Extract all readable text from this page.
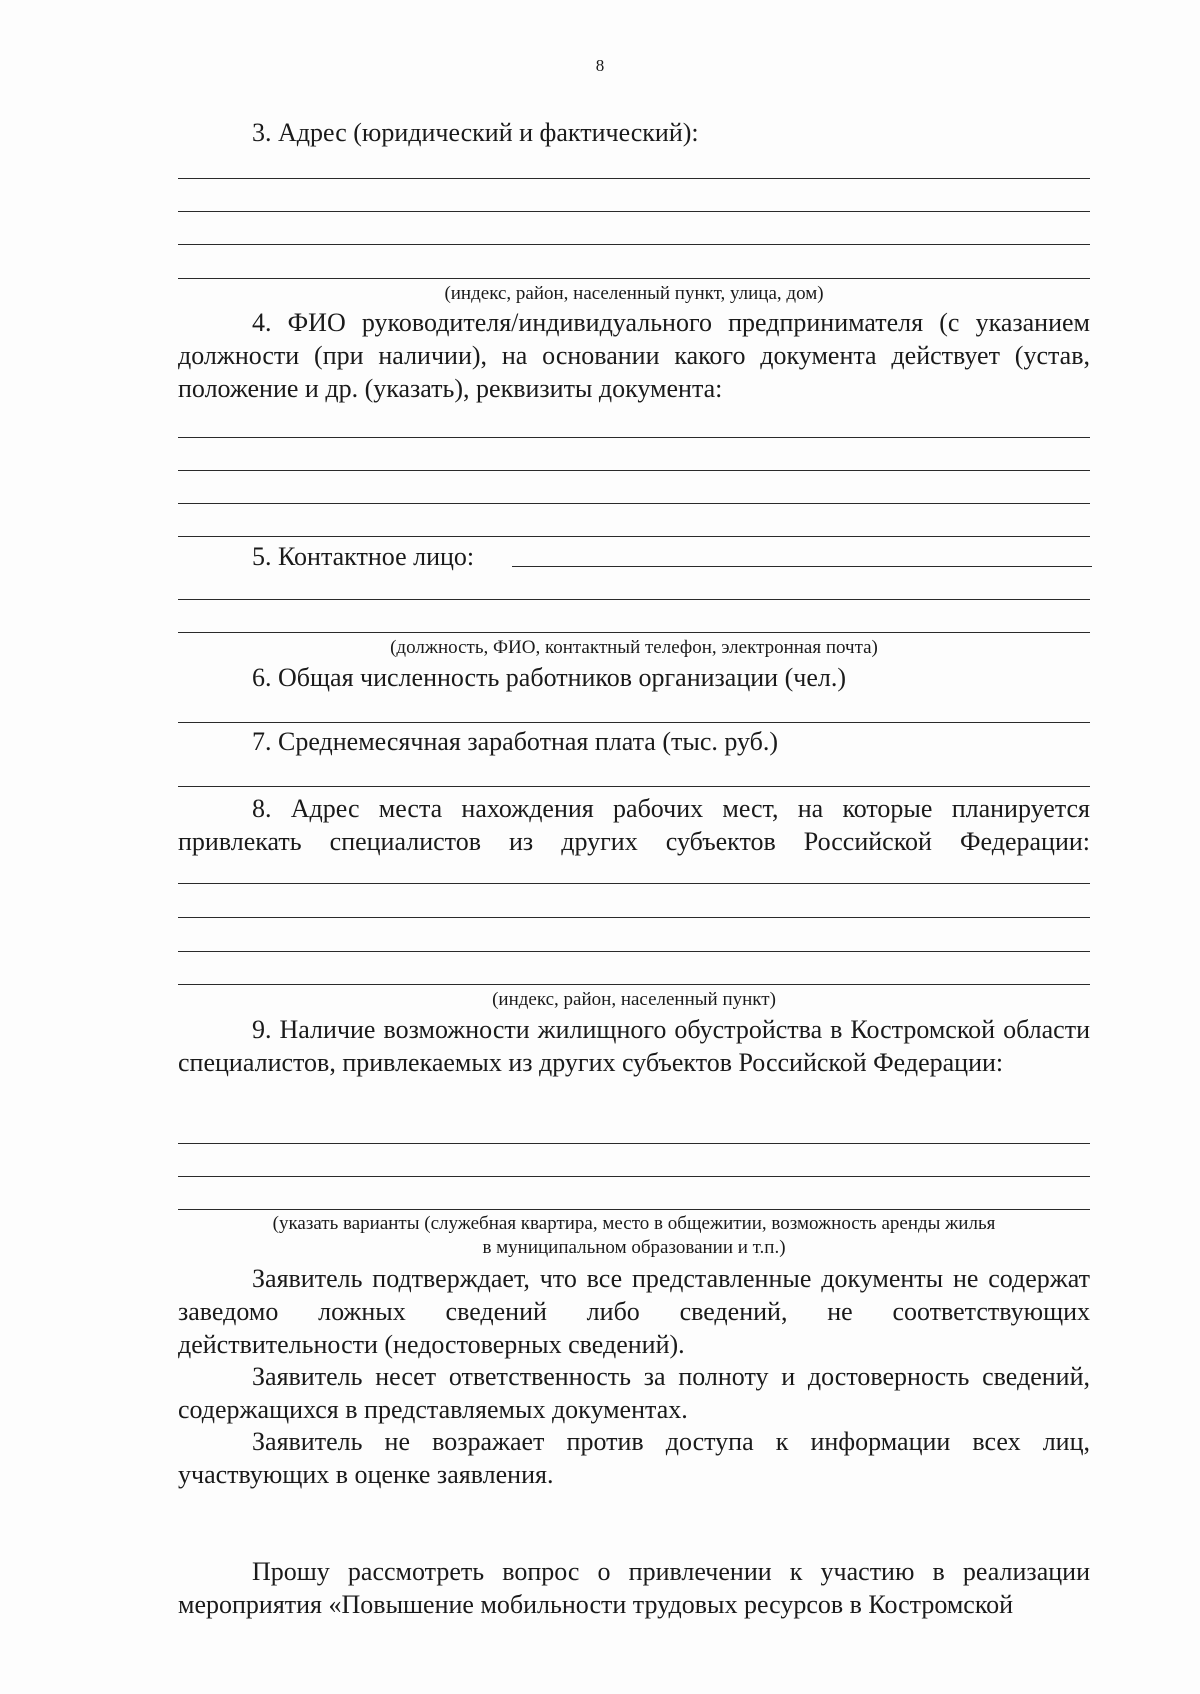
8

3. Адрес (юридический и фактический):

(индекс, район, населенный пункт, улица, дом)

4. ФИО руководителя/индивидуального предпринимателя (с указанием должности (при наличии), на основании какого документа действует (устав, положение и др. (указать), реквизиты документа:

5. Контактное лицо:

(должность, ФИО, контактный телефон, электронная почта)

6. Общая численность работников организации (чел.)

7. Среднемесячная заработная плата (тыс. руб.)

8. Адрес места нахождения рабочих мест, на которые планируется привлекать специалистов из других субъектов Российской Федерации:

(индекс, район, населенный пункт)

9. Наличие возможности жилищного обустройства в Костромской области специалистов, привлекаемых из других субъектов Российской Федерации:

(указать варианты (служебная квартира, место в общежитии, возможность аренды жилья

в муниципальном образовании и т.п.)

Заявитель подтверждает, что все представленные документы не содержат заведомо ложных сведений либо сведений, не соответствующих действительности (недостоверных сведений).

Заявитель несет ответственность за полноту и достоверность сведений, содержащихся в представляемых документах.

Заявитель не возражает против доступа к информации всех лиц, участвующих в оценке заявления.

Прошу рассмотреть вопрос о привлечении к участию в реализации мероприятия «Повышение мобильности трудовых ресурсов в Костромской
